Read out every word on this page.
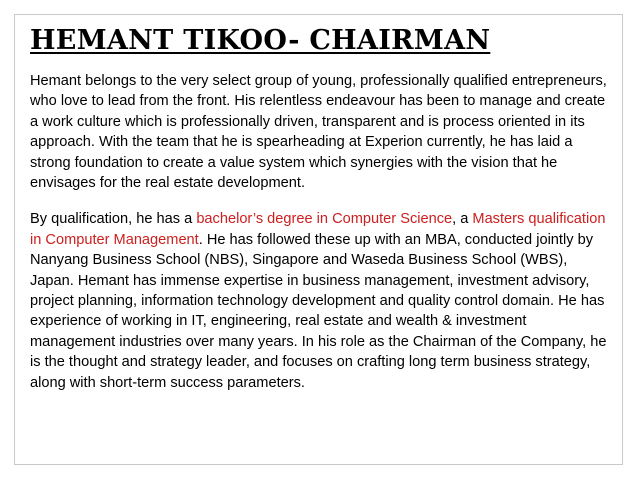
HEMANT TIKOO- CHAIRMAN

Hemant belongs to the very select group of young, professionally qualified entrepreneurs, who love to lead from the front. His relentless endeavour has been to manage and create a work culture which is professionally driven, transparent and is process oriented in its approach. With the team that he is spearheading at Experion currently, he has laid a strong foundation to create a value system which synergies with the vision that he envisages for the real estate development.

By qualification, he has a bachelor’s degree in Computer Science, a Masters qualification in Computer Management. He has followed these up with an MBA, conducted jointly by Nanyang Business School (NBS), Singapore and Waseda Business School (WBS), Japan. Hemant has immense expertise in business management, investment advisory, project planning, information technology development and quality control domain. He has experience of working in IT, engineering, real estate and wealth & investment management industries over many years. In his role as the Chairman of the Company, he is the thought and strategy leader, and focuses on crafting long term business strategy, along with short-term success parameters.
